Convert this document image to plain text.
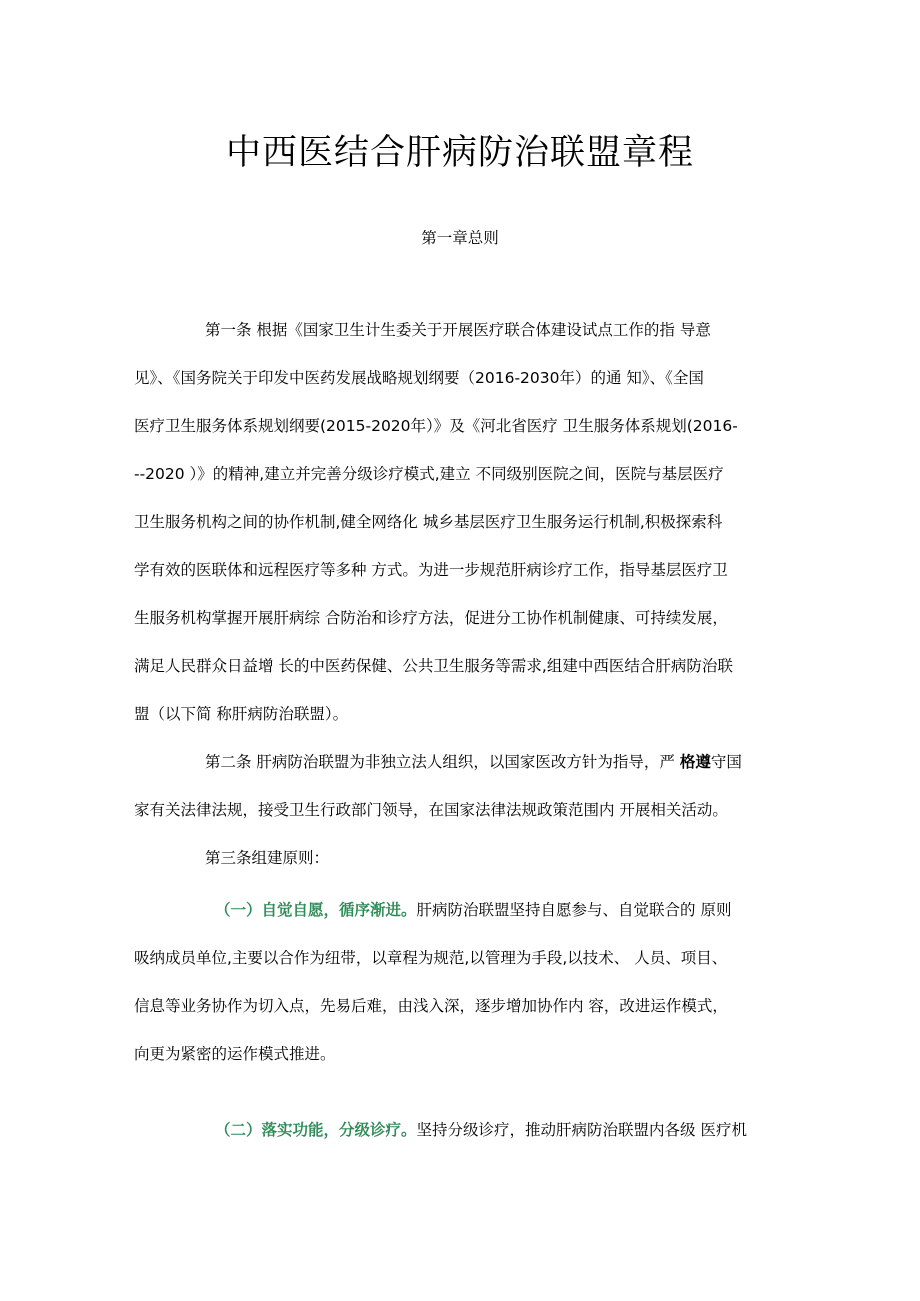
中西医结合肝病防治联盟章程
第一章总则
第一条 根据《国家卫生计生委关于开展医疗联合体建设试点工作的指 导意
见》、《国务院关于印发中医药发展战略规划纲要（2016-2030年）的通 知》、《全国
医疗卫生服务体系规划纲要(2015-2020年）》及《河北省医疗 卫生服务体系规划(2016-
--2020 ）》的精神,建立并完善分级诊疗模式,建立 不同级别医院之间，医院与基层医疗
卫生服务机构之间的协作机制,健全网络化 城乡基层医疗卫生服务运行机制,积极探索科
学有效的医联体和远程医疗等多种 方式。为进一步规范肝病诊疗工作，指导基层医疗卫
生服务机构掌握开展肝病综 合防治和诊疗方法，促进分工协作机制健康、可持续发展，
满足人民群众日益增 长的中医药保健、公共卫生服务等需求,组建中西医结合肝病防治联
盟（以下简 称肝病防治联盟）。
第二条 肝病防治联盟为非独立法人组织，以国家医改方针为指导，严 格遵守国
家有关法律法规，接受卫生行政部门领导，在国家法律法规政策范围内 开展相关活动。
第三条组建原则：
（一）自觉自愿，循序渐进。肝病防治联盟坚持自愿参与、自觉联合的 原则
吸纳成员单位,主要以合作为纽带，以章程为规范,以管理为手段,以技术、 人员、项目、
信息等业务协作为切入点，先易后难，由浅入深，逐步增加协作内 容，改进运作模式，
向更为紧密的运作模式推进。
（二）落实功能，分级诊疗。坚持分级诊疗，推动肝病防治联盟内各级 医疗机
